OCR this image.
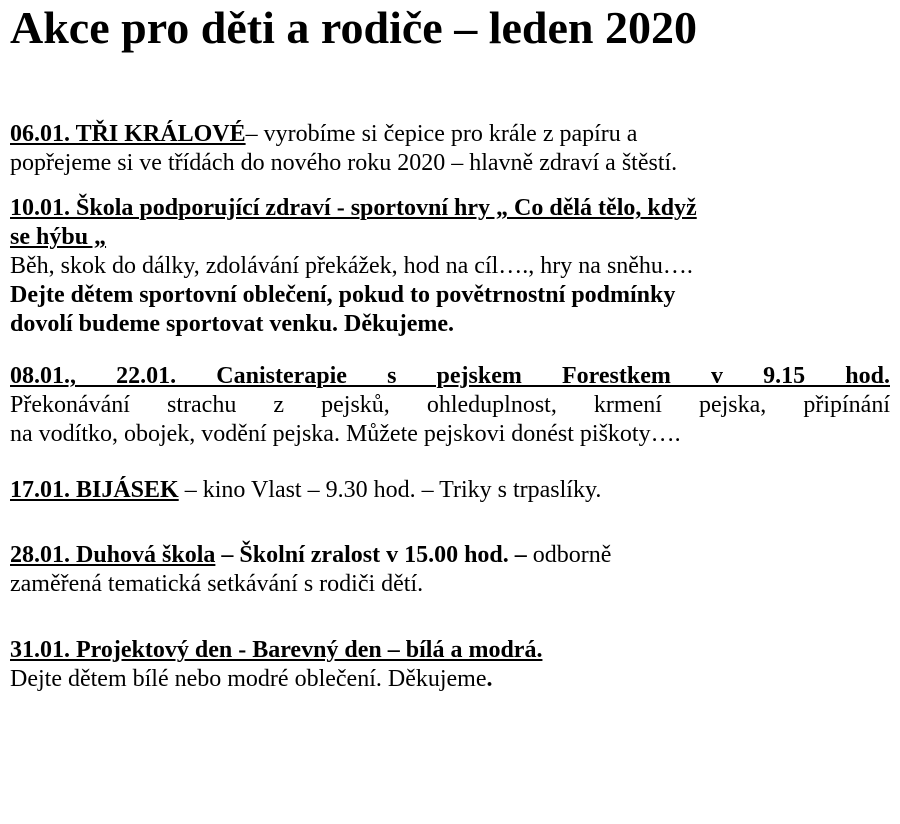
Akce pro děti a rodiče – leden 2020

06.01. TŘI KRÁLOVÉ– vyrobíme si čepice pro krále z papíru a

popřejeme si ve třídách do nového roku 2020 – hlavně zdraví a štěstí.

10.01. Škola podporující zdraví - sportovní hry „ Co dělá tělo, když

se hýbu „

Běh, skok do dálky, zdolávání překážek, hod na cíl…., hry na sněhu….

Dejte dětem sportovní oblečení, pokud to povětrnostní podmínky

dovolí budeme sportovat venku. Děkujeme.

08.01., 22.01. Canisterapie s pejskem Forestkem v 9.15 hod.

Překonávání strachu z pejsků, ohleduplnost, krmení pejska, připínání

na vodítko, obojek, vodění pejska. Můžete pejskovi donést piškoty….

17.01. BIJÁSEK – kino Vlast – 9.30 hod. – Triky s trpaslíky.

28.01. Duhová škola – Školní zralost v 15.00 hod. – odborně

zaměřená tematická setkávání s rodiči dětí.

31.01. Projektový den - Barevný den – bílá a modrá.

Dejte dětem bílé nebo modré oblečení. Děkujeme.
